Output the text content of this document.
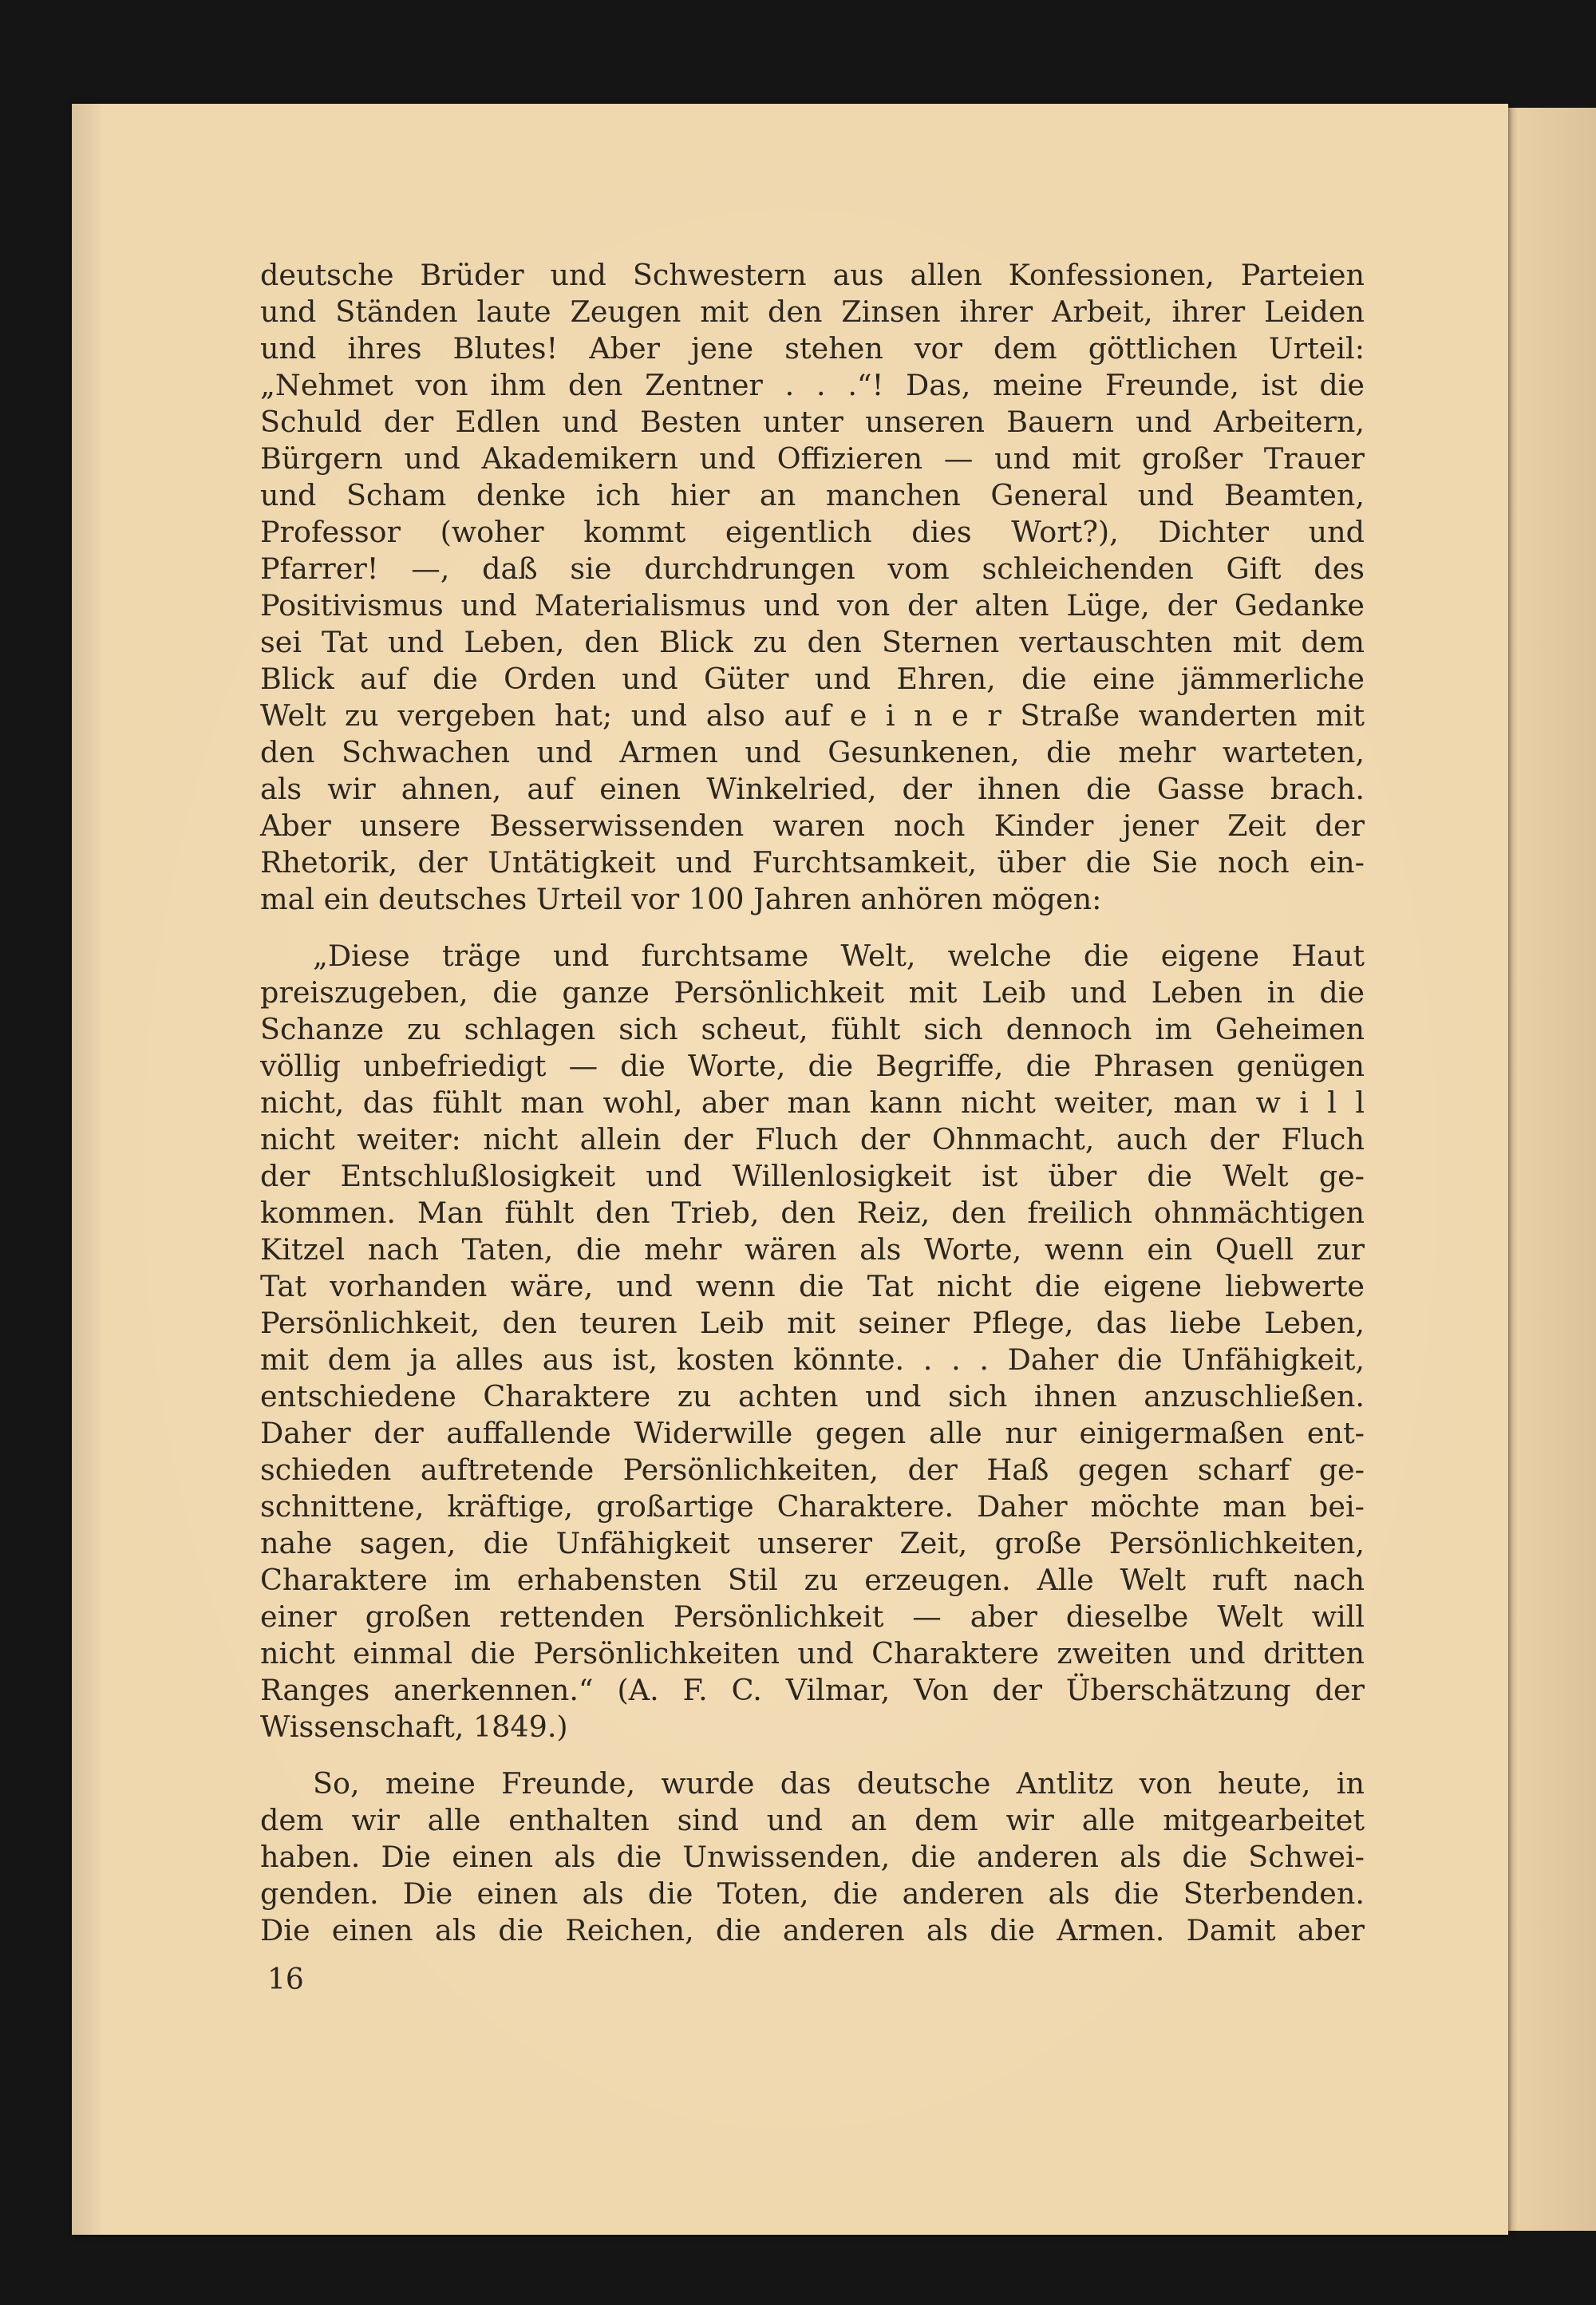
deutsche Brüder und Schwestern aus allen Konfessionen, Parteien
und Ständen laute Zeugen mit den Zinsen ihrer Arbeit, ihrer Leiden
und ihres Blutes! Aber jene stehen vor dem göttlichen Urteil:
„Nehmet von ihm den Zentner . . .“! Das, meine Freunde, ist die
Schuld der Edlen und Besten unter unseren Bauern und Arbeitern,
Bürgern und Akademikern und Offizieren — und mit großer Trauer
und Scham denke ich hier an manchen General und Beamten,
Professor (woher kommt eigentlich dies Wort?), Dichter und
Pfarrer! —, daß sie durchdrungen vom schleichenden Gift des
Positivismus und Materialismus und von der alten Lüge, der Gedanke
sei Tat und Leben, den Blick zu den Sternen vertauschten mit dem
Blick auf die Orden und Güter und Ehren, die eine jämmerliche
Welt zu vergeben hat; und also auf e i n e r Straße wanderten mit
den Schwachen und Armen und Gesunkenen, die mehr warteten,
als wir ahnen, auf einen Winkelried, der ihnen die Gasse brach.
Aber unsere Besserwissenden waren noch Kinder jener Zeit der
Rhetorik, der Untätigkeit und Furchtsamkeit, über die Sie noch ein-
mal ein deutsches Urteil vor 100 Jahren anhören mögen:

„Diese träge und furchtsame Welt, welche die eigene Haut
preiszugeben, die ganze Persönlichkeit mit Leib und Leben in die
Schanze zu schlagen sich scheut, fühlt sich dennoch im Geheimen
völlig unbefriedigt — die Worte, die Begriffe, die Phrasen genügen
nicht, das fühlt man wohl, aber man kann nicht weiter, man w i l l
nicht weiter: nicht allein der Fluch der Ohnmacht, auch der Fluch
der Entschlußlosigkeit und Willenlosigkeit ist über die Welt ge-
kommen. Man fühlt den Trieb, den Reiz, den freilich ohnmächtigen
Kitzel nach Taten, die mehr wären als Worte, wenn ein Quell zur
Tat vorhanden wäre, und wenn die Tat nicht die eigene liebwerte
Persönlichkeit, den teuren Leib mit seiner Pflege, das liebe Leben,
mit dem ja alles aus ist, kosten könnte. . . . Daher die Unfähigkeit,
entschiedene Charaktere zu achten und sich ihnen anzuschließen.
Daher der auffallende Widerwille gegen alle nur einigermaßen ent-
schieden auftretende Persönlichkeiten, der Haß gegen scharf ge-
schnittene, kräftige, großartige Charaktere. Daher möchte man bei-
nahe sagen, die Unfähigkeit unserer Zeit, große Persönlichkeiten,
Charaktere im erhabensten Stil zu erzeugen. Alle Welt ruft nach
einer großen rettenden Persönlichkeit — aber dieselbe Welt will
nicht einmal die Persönlichkeiten und Charaktere zweiten und dritten
Ranges anerkennen.“ (A. F. C. Vilmar, Von der Überschätzung der
Wissenschaft, 1849.)

So, meine Freunde, wurde das deutsche Antlitz von heute, in
dem wir alle enthalten sind und an dem wir alle mitgearbeitet
haben. Die einen als die Unwissenden, die anderen als die Schwei-
genden. Die einen als die Toten, die anderen als die Sterbenden.
Die einen als die Reichen, die anderen als die Armen. Damit aber

16
